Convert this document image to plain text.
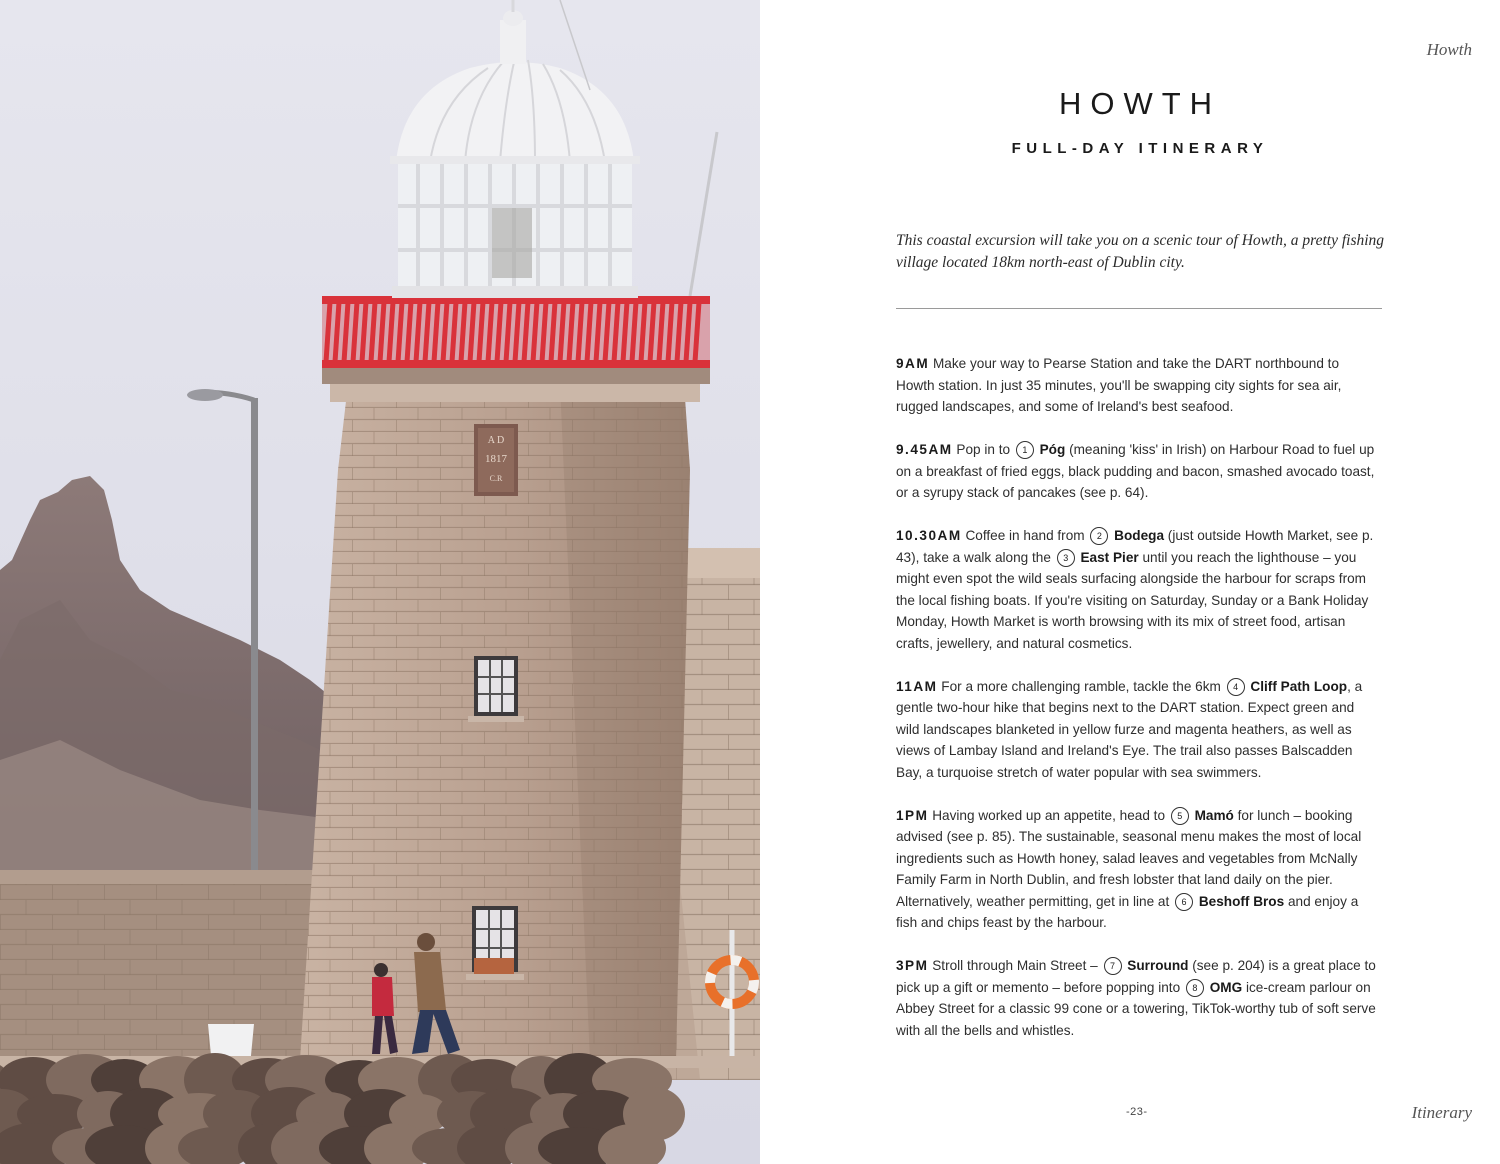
A D
1817
C.R
Howth
HOWTH
FULL-DAY ITINERARY

This coastal excursion will take you on a scenic tour of Howth, a pretty fishing village located 18km north-east of Dublin city.

9AM Make your way to Pearse Station and take the DART northbound to Howth station. In just 35 minutes, you'll be swapping city sights for sea air, rugged landscapes, and some of Ireland's best seafood.

9.45AM Pop in to 1 Póg (meaning 'kiss' in Irish) on Harbour Road to fuel up on a breakfast of fried eggs, black pudding and bacon, smashed avocado toast, or a syrupy stack of pancakes (see p. 64).

10.30AM Coffee in hand from 2 Bodega (just outside Howth Market, see p. 43), take a walk along the 3 East Pier until you reach the lighthouse – you might even spot the wild seals surfacing alongside the harbour for scraps from the local fishing boats. If you're visiting on Saturday, Sunday or a Bank Holiday Monday, Howth Market is worth browsing with its mix of street food, artisan crafts, jewellery, and natural cosmetics.

11AM For a more challenging ramble, tackle the 6km 4 Cliff Path Loop, a gentle two-hour hike that begins next to the DART station. Expect green and wild landscapes blanketed in yellow furze and magenta heathers, as well as views of Lambay Island and Ireland's Eye. The trail also passes Balscadden Bay, a turquoise stretch of water popular with sea swimmers.

1PM Having worked up an appetite, head to 5 Mamó for lunch – booking advised (see p. 85). The sustainable, seasonal menu makes the most of local ingredients such as Howth honey, salad leaves and vegetables from McNally Family Farm in North Dublin, and fresh lobster that land daily on the pier. Alternatively, weather permitting, get in line at 6 Beshoff Bros and enjoy a fish and chips feast by the harbour.

3PM Stroll through Main Street – 7 Surround (see p. 204) is a great place to pick up a gift or memento – before popping into 8 OMG ice-cream parlour on Abbey Street for a classic 99 cone or a towering, TikTok-worthy tub of soft serve with all the bells and whistles.

-23-	Itinerary
